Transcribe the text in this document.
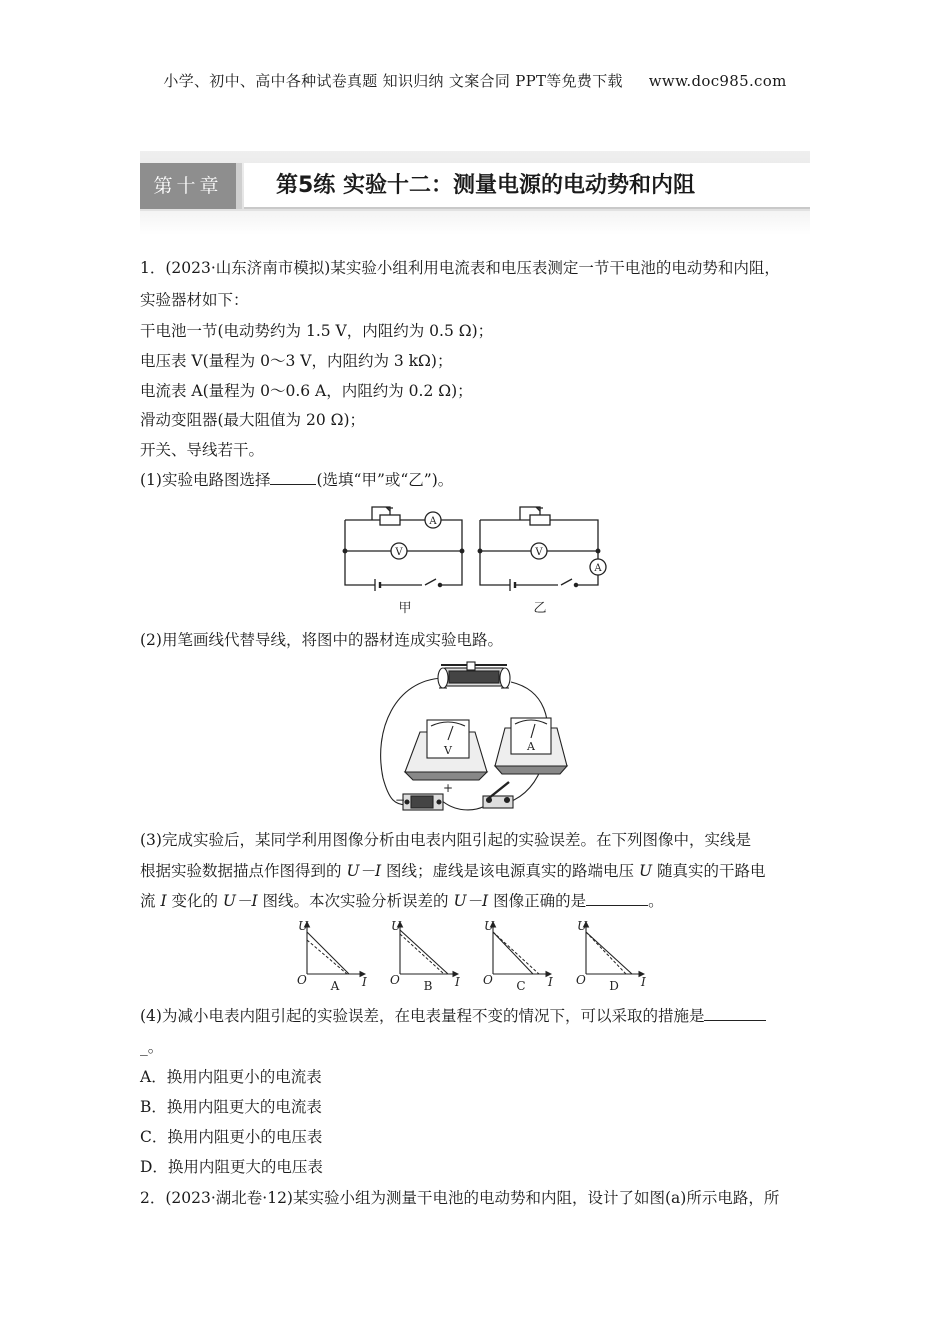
小学、初中、高中各种试卷真题 知识归纳 文案合同 PPT等免费下载 www.doc985.com
第十章	第5练 实验十二：测量电源的电动势和内阻
1．(2023·山东济南市模拟)某实验小组利用电流表和电压表测定一节干电池的电动势和内阻，
实验器材如下：
干电池一节(电动势约为 1.5 V，内阻约为 0.5 Ω)；
电压表 V(量程为 0～3 V，内阻约为 3 kΩ)；
电流表 A(量程为 0～0.6 A，内阻约为 0.2 Ω)；
滑动变阻器(最大阻值为 20 Ω)；
开关、导线若干。
(1)实验电路图选择	(选填“甲”或“乙”)。
A
V
甲
V
A
乙
(2)用笔画线代替导线，将图中的器材连成实验电路。
V	A
−
+
(3)完成实验后，某同学利用图像分析由电表内阻引起的实验误差。在下列图像中，实线是
根据实验数据描点作图得到的 U－I 图线；虚线是该电源真实的路端电压 U 随真实的干路电
流 I 变化的 U－I 图线。本次实验分析误差的 U－I 图像正确的是	。
U
O	I
A
U
O	I
B
U
O	I
C
U
O	I
D
(4)为减小电表内阻引起的实验误差，在电表量程不变的情况下，可以采取的措施是
_。
A．换用内阻更小的电流表
B．换用内阻更大的电流表
C．换用内阻更小的电压表
D．换用内阻更大的电压表
2．(2023·湖北卷·12)某实验小组为测量干电池的电动势和内阻，设计了如图(a)所示电路，所
